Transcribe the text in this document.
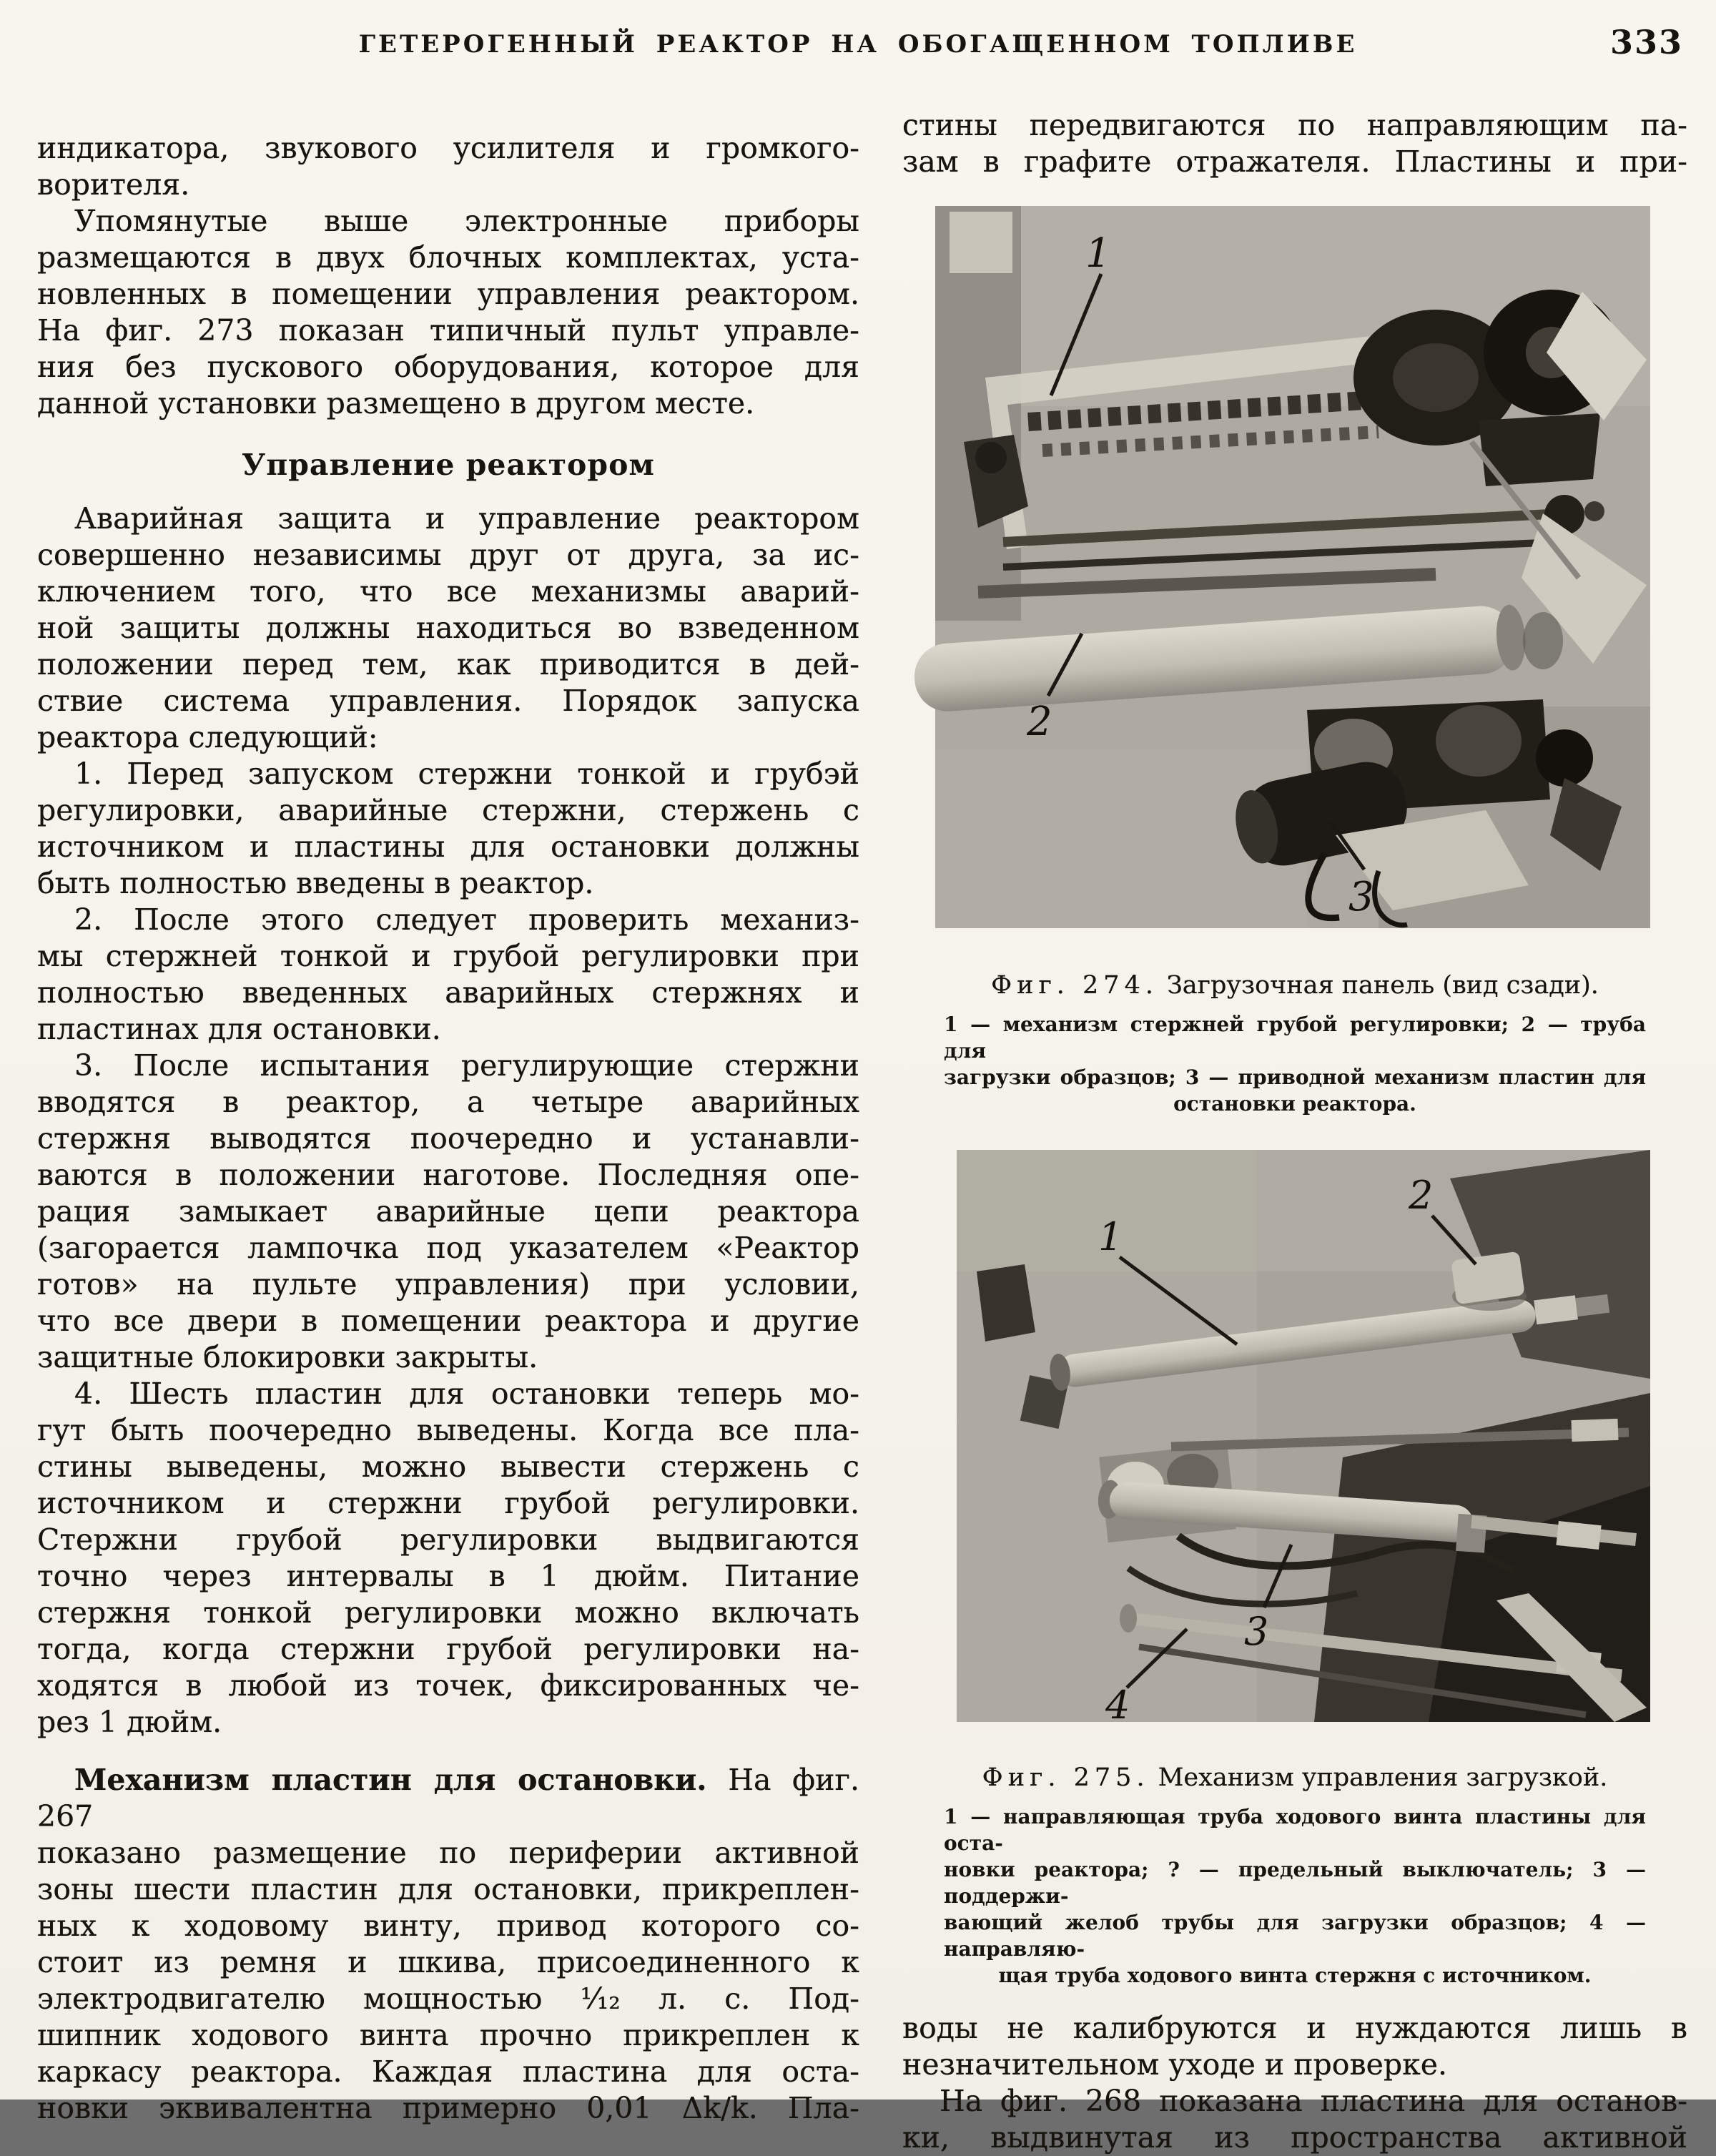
ГЕТЕРОГЕННЫЙ РЕАКТОР НА ОБОГАЩЕННОМ ТОПЛИВЕ	333
индикатора, звукового усилителя и громкого-
ворителя.
Упомянутые выше электронные приборы
размещаются в двух блочных комплектах, уста-
новленных в помещении управления реактором.
На фиг. 273 показан типичный пульт управле-
ния без пускового оборудования, которое для
данной установки размещено в другом месте.
Управление реактором
Аварийная защита и управление реактором
совершенно независимы друг от друга, за ис-
ключением того, что все механизмы аварий-
ной защиты должны находиться во взведенном
положении перед тем, как приводится в дей-
ствие система управления. Порядок запуска
реактора следующий:
1. Перед запуском стержни тонкой и грубэй
регулировки, аварийные стержни, стержень с
источником и пластины для остановки должны
быть полностью введены в реактор.
2. После этого следует проверить механиз-
мы стержней тонкой и грубой регулировки при
полностью введенных аварийных стержнях и
пластинах для остановки.
3. После испытания регулирующие стержни
вводятся в реактор, а четыре аварийных
стержня выводятся поочередно и устанавли-
ваются в положении наготове. Последняя опе-
рация замыкает аварийные цепи реактора
(загорается лампочка под указателем «Реактор
готов» на пульте управления) при условии,
что все двери в помещении реактора и другие
защитные блокировки закрыты.
4. Шесть пластин для остановки теперь мо-
гут быть поочередно выведены. Когда все пла-
стины выведены, можно вывести стержень с
источником и стержни грубой регулировки.
Стержни грубой регулировки выдвигаются
точно через интервалы в 1 дюйм. Питание
стержня тонкой регулировки можно включать
тогда, когда стержни грубой регулировки на-
ходятся в любой из точек, фиксированных че-
рез 1 дюйм.
Механизм пластин для остановки. На фиг. 267
показано размещение по периферии активной
зоны шести пластин для остановки, прикреплен-
ных к ходовому винту, привод которого со-
стоит из ремня и шкива, присоединенного к
электродвигателю мощностью ¹⁄₁₂ л. с. Под-
шипник ходового винта прочно прикреплен к
каркасу реактора. Каждая пластина для оста-
новки эквивалентна примерно 0,01 Δk/k. Пла-
стины передвигаются по направляющим па-
зам в графите отражателя. Пластины и при-
1
2
3
Фиг. 274. Загрузочная панель (вид сзади).
1 — механизм стержней грубой регулировки; 2 — труба для
загрузки образцов; 3 — приводной механизм пластин для
остановки реактора.
1
2
3
4
Фиг. 275. Механизм управления загрузкой.
1 — направляющая труба ходового винта пластины для оста-
новки реактора; ? — предельный выключатель; 3 — поддержи-
вающий желоб трубы для загрузки образцов; 4 — направляю-
щая труба ходового винта стержня с источником.
воды не калибруются и нуждаются лишь в
незначительном уходе и проверке.
На фиг. 268 показана пластина для останов-
ки, выдвинутая из пространства активной
